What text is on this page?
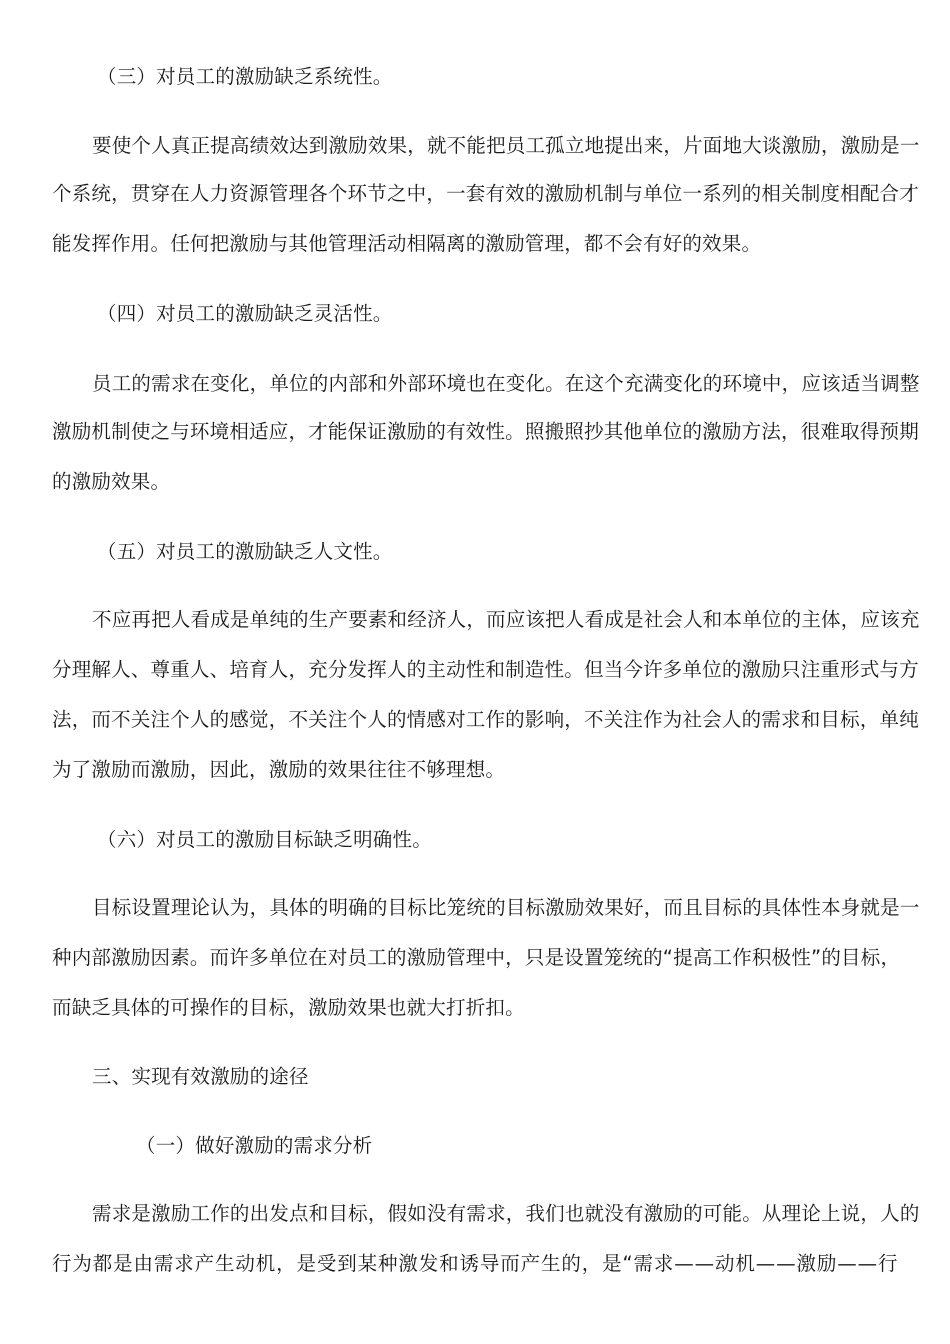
（三）对员工的激励缺乏系统性。
要 使 个 人 真 正 提 高 绩 效 达 到 激 励 效 果 ， 就 不 能 把 员 工 孤 立 地 提 出 来 ， 片 面 地 大 谈 激 励 ， 激 励 是 一
个 系 统 ， 贯 穿 在 人 力 资 源 管 理 各 个 环 节 之 中 ， 一 套 有 效 的 激 励 机 制 与 单 位 一 系 列 的 相 关 制 度 相 配 合 才
能发挥作用。任何把激励与其他管理活动相隔离的激励管理，都不会有好的效果。
（四）对员工的激励缺乏灵活性。
员 工 的 需 求 在 变 化 ， 单 位 的 内 部 和 外 部 环 境 也 在 变 化 。 在 这 个 充 满 变 化 的 环 境 中 ， 应 该 适 当 调 整
激 励 机 制 使 之 与 环 境 相 适 应 ， 才 能 保 证 激 励 的 有 效 性 。 照 搬 照 抄 其 他 单 位 的 激 励 方 法 ， 很 难 取 得 预 期
的激励效果。
（五）对员工的激励缺乏人文性。
不 应 再 把 人 看 成 是 单 纯 的 生 产 要 素 和 经 济 人 ， 而 应 该 把 人 看 成 是 社 会 人 和 本 单 位 的 主 体 ， 应 该 充
分 理 解 人 、 尊 重 人 、 培 育 人 ， 充 分 发 挥 人 的 主 动 性 和 制 造 性 。 但 当 今 许 多 单 位 的 激 励 只 注 重 形 式 与 方
法 ， 而 不 关 注 个 人 的 感 觉 ， 不 关 注 个 人 的 情 感 对 工 作 的 影 响 ， 不 关 注 作 为 社 会 人 的 需 求 和 目 标 ， 单 纯
为了激励而激励，因此，激励的效果往往不够理想。
（六）对员工的激励目标缺乏明确性。
目 标 设 置 理 论 认 为 ， 具 体 的 明 确 的 目 标 比 笼 统 的 目 标 激 励 效 果 好 ， 而 且 目 标 的 具 体 性 本 身 就 是 一
种 内 部 激 励 因 素 。 而 许 多 单 位 在 对 员 工 的 激 励 管 理 中 ， 只 是 设 置 笼 统 的 “ 提 高 工 作 积 极 性 ” 的 目 标 ，
而缺乏具体的可操作的目标，激励效果也就大打折扣。
三、实现有效激励的途径
（一）做好激励的需求分析
需 求 是 激 励 工 作 的 出 发 点 和 目 标 ， 假 如 没 有 需 求 ， 我 们 也 就 没 有 激 励 的 可 能 。 从 理 论 上 说 ， 人 的
行 为 都 是 由 需 求 产 生 动 机 ， 是 受 到 某 种 激 发 和 诱 导 而 产 生 的 ， 是 “ 需 求 — — 动 机 — — 激 励 — — 行
